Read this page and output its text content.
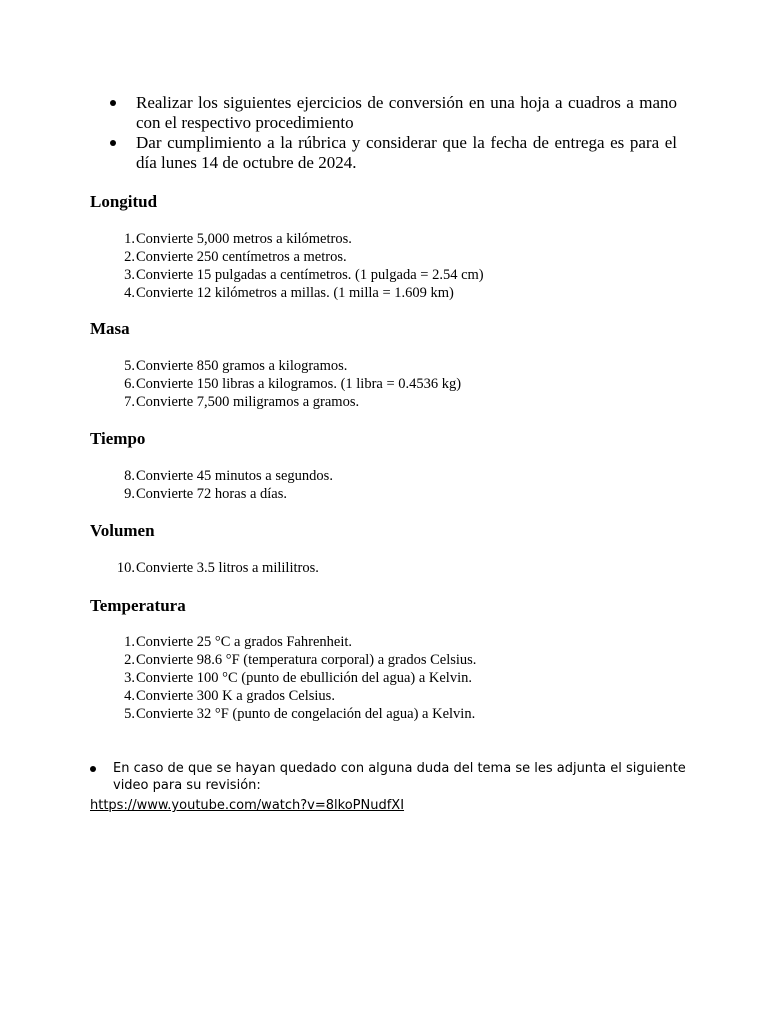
Realizar los siguientes ejercicios de conversión en una hoja a cuadros a mano con el respectivo procedimiento
Dar cumplimiento a la rúbrica y considerar que la fecha de entrega es para el día lunes 14 de octubre de 2024.
Longitud
1. Convierte 5,000 metros a kilómetros.
2. Convierte 250 centímetros a metros.
3. Convierte 15 pulgadas a centímetros. (1 pulgada = 2.54 cm)
4. Convierte 12 kilómetros a millas. (1 milla = 1.609 km)
Masa
5. Convierte 850 gramos a kilogramos.
6. Convierte 150 libras a kilogramos. (1 libra = 0.4536 kg)
7. Convierte 7,500 miligramos a gramos.
Tiempo
8. Convierte 45 minutos a segundos.
9. Convierte 72 horas a días.
Volumen
10. Convierte 3.5 litros a mililitros.
Temperatura
1. Convierte 25 °C a grados Fahrenheit.
2. Convierte 98.6 °F (temperatura corporal) a grados Celsius.
3. Convierte 100 °C (punto de ebullición del agua) a Kelvin.
4. Convierte 300 K a grados Celsius.
5. Convierte 32 °F (punto de congelación del agua) a Kelvin.
En caso de que se hayan quedado con alguna duda del tema se les adjunta el siguiente video para su revisión:
https://www.youtube.com/watch?v=8lkoPNudfXI
